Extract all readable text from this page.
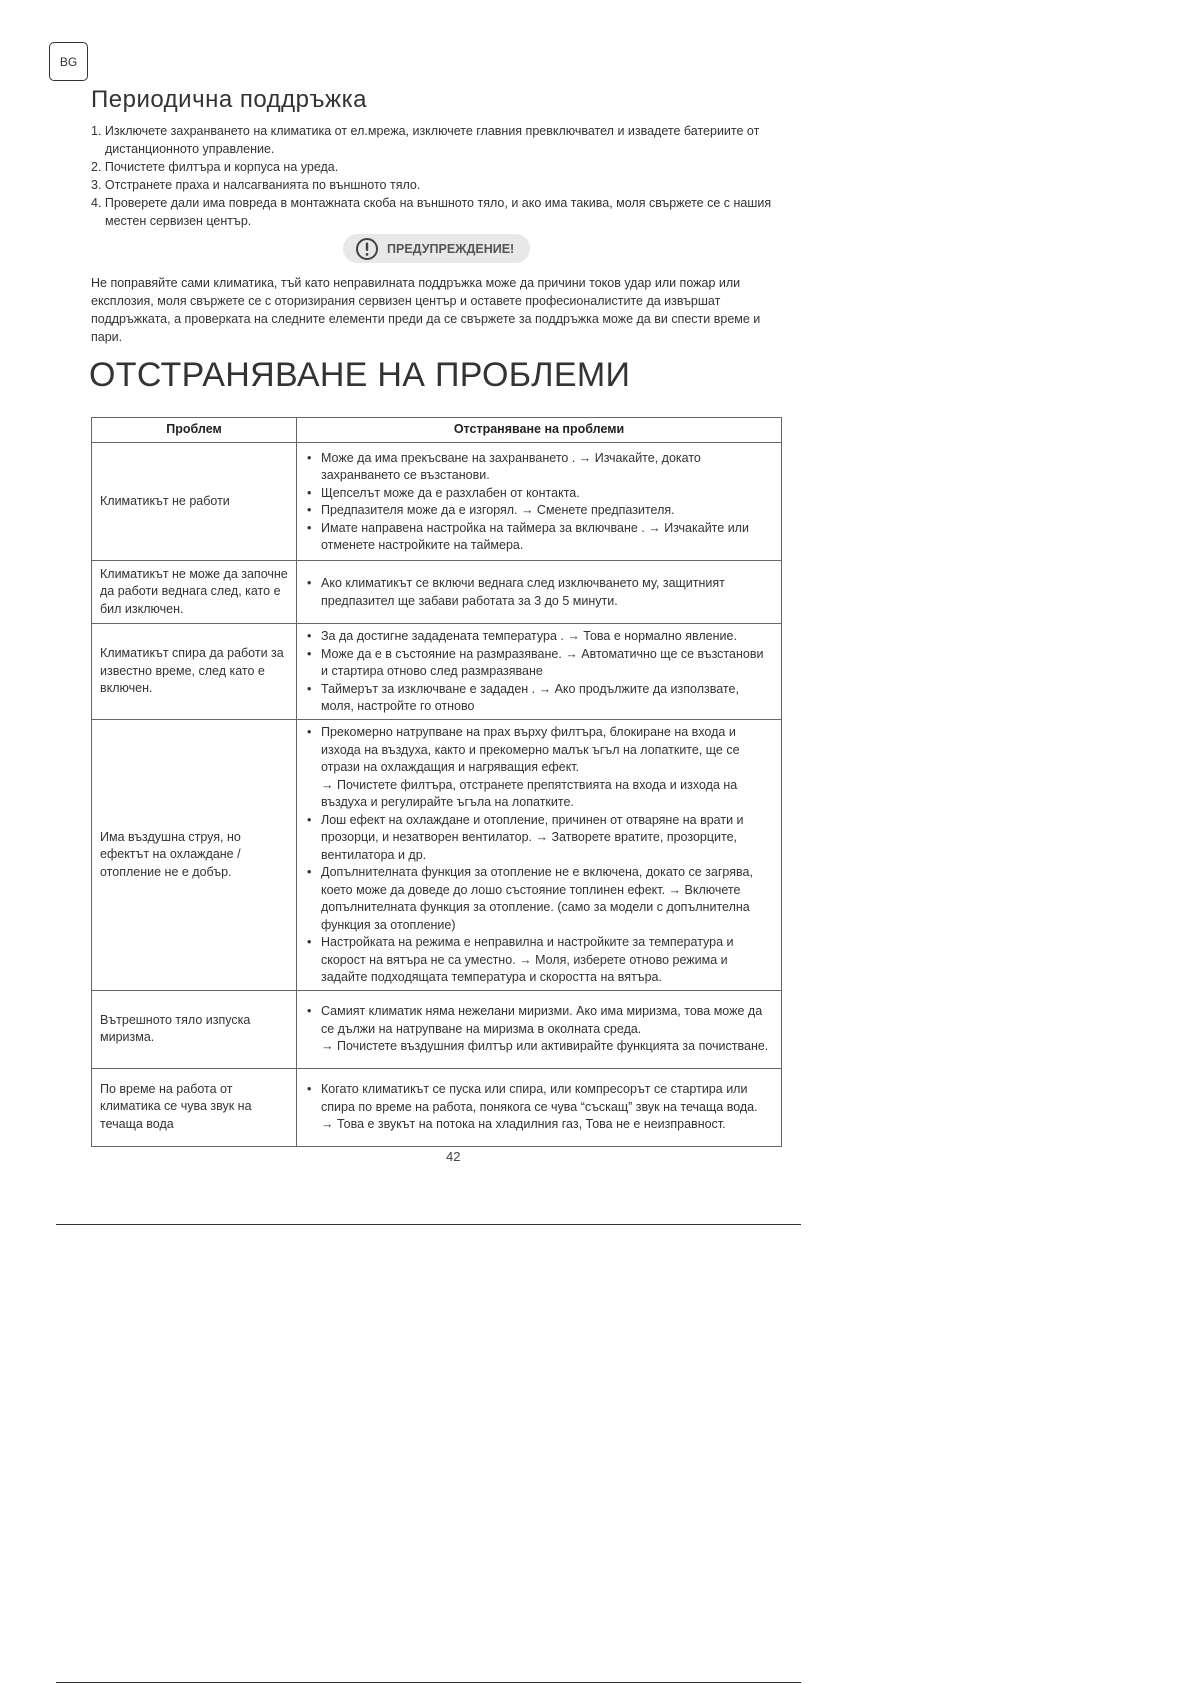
BG
Периодична поддръжка
1. Изключете захранването на климатика от ел.мрежа, изключете главния превключвател и извадете батериите от дистанционното управление.
2. Почистете филтъра и корпуса на уреда.
3. Отстранете праха и налсагванията по външното тяло.
4. Проверете дали има повреда в монтажната скоба на външното тяло, и ако има такива, моля свържете се с нашия местен сервизен център.
ПРЕДУПРЕЖДЕНИЕ!
Не поправяйте сами климатика, тъй като неправилната поддръжка може да причини токов удар или пожар или експлозия, моля свържете се с оторизирания сервизен център и оставете професионалистите да извършат поддръжката, а проверката на следните елементи преди да се свържете за поддръжка може да ви спести време и пари.
ОТСТРАНЯВАНЕ НА ПРОБЛЕМИ
Проблем	Отстраняване на проблеми
Климатикът не работи	• Може да има прекъсване на захранването . → Изчакайте, докато захранването се възстанови.
• Щепселът може да е разхлабен от контакта.
• Предпазителя може да е изгорял. → Сменете предпазителя.
• Имате направена настройка на таймера за включване . → Изчакайте или отменете настройките на таймера.

Климатикът не може да започне да работи веднага след, като е бил изключен.	• Ако климатикът се включи веднага след изключването му, защитният предпазител ще забави работата за 3 до 5 минути.

Климатикът спира да работи за известно време, след като е включен.	• За да достигне зададената температура . → Това е нормално явление.
• Може да е в състояние на размразяване. → Автоматично ще се възстанови и стартира отново след размразяване
• Таймерът за изключване е зададен . → Ако продължите да използвате, моля, настройте го отново

Има въздушна струя, но ефектът на охлаждане / отопление не е добър.	• Прекомерно натрупване на прах върху филтъра, блокиране на входа и изхода на въздуха, както и прекомерно малък ъгъл на лопатките, ще се отрази на охлаждащия и нагряващия ефект.
→ Почистете филтъра, отстранете препятствията на входа и изхода на въздуха и регулирайте ъгъла на лопатките.
• Лош ефект на охлаждане и отопление, причинен от отваряне на врати и прозорци, и незатворен вентилатор. → Затворете вратите, прозорците, вентилатора и др.
• Допълнителната функция за отопление не е включена, докато се загрява, което може да доведе до лошо състояние топлинен ефект. → Включете допълнителната функция за отопление. (само за модели с допълнителна функция за отопление)
• Настройката на режима е неправилна и настройките за температура и скорост на вятъра не са уместно. → Моля, изберете отново режима и задайте подходящата температура и скоростта на вятъра.

Вътрешното тяло изпуска миризма.	• Самият климатик няма нежелани миризми. Ако има миризма, това може да се дължи на натрупване на миризма в околната среда.
→ Почистете въздушния филтър или активирайте функцията за почистване.

По време на работа от климатика се чува звук на течаща вода	• Когато климатикът се пуска или спира, или компресорът се стартира или спира по време на работа, понякога се чува “съскащ” звук на течаща вода. → Това е звукът на потока на хладилния газ, Това не е неизправност.
42
